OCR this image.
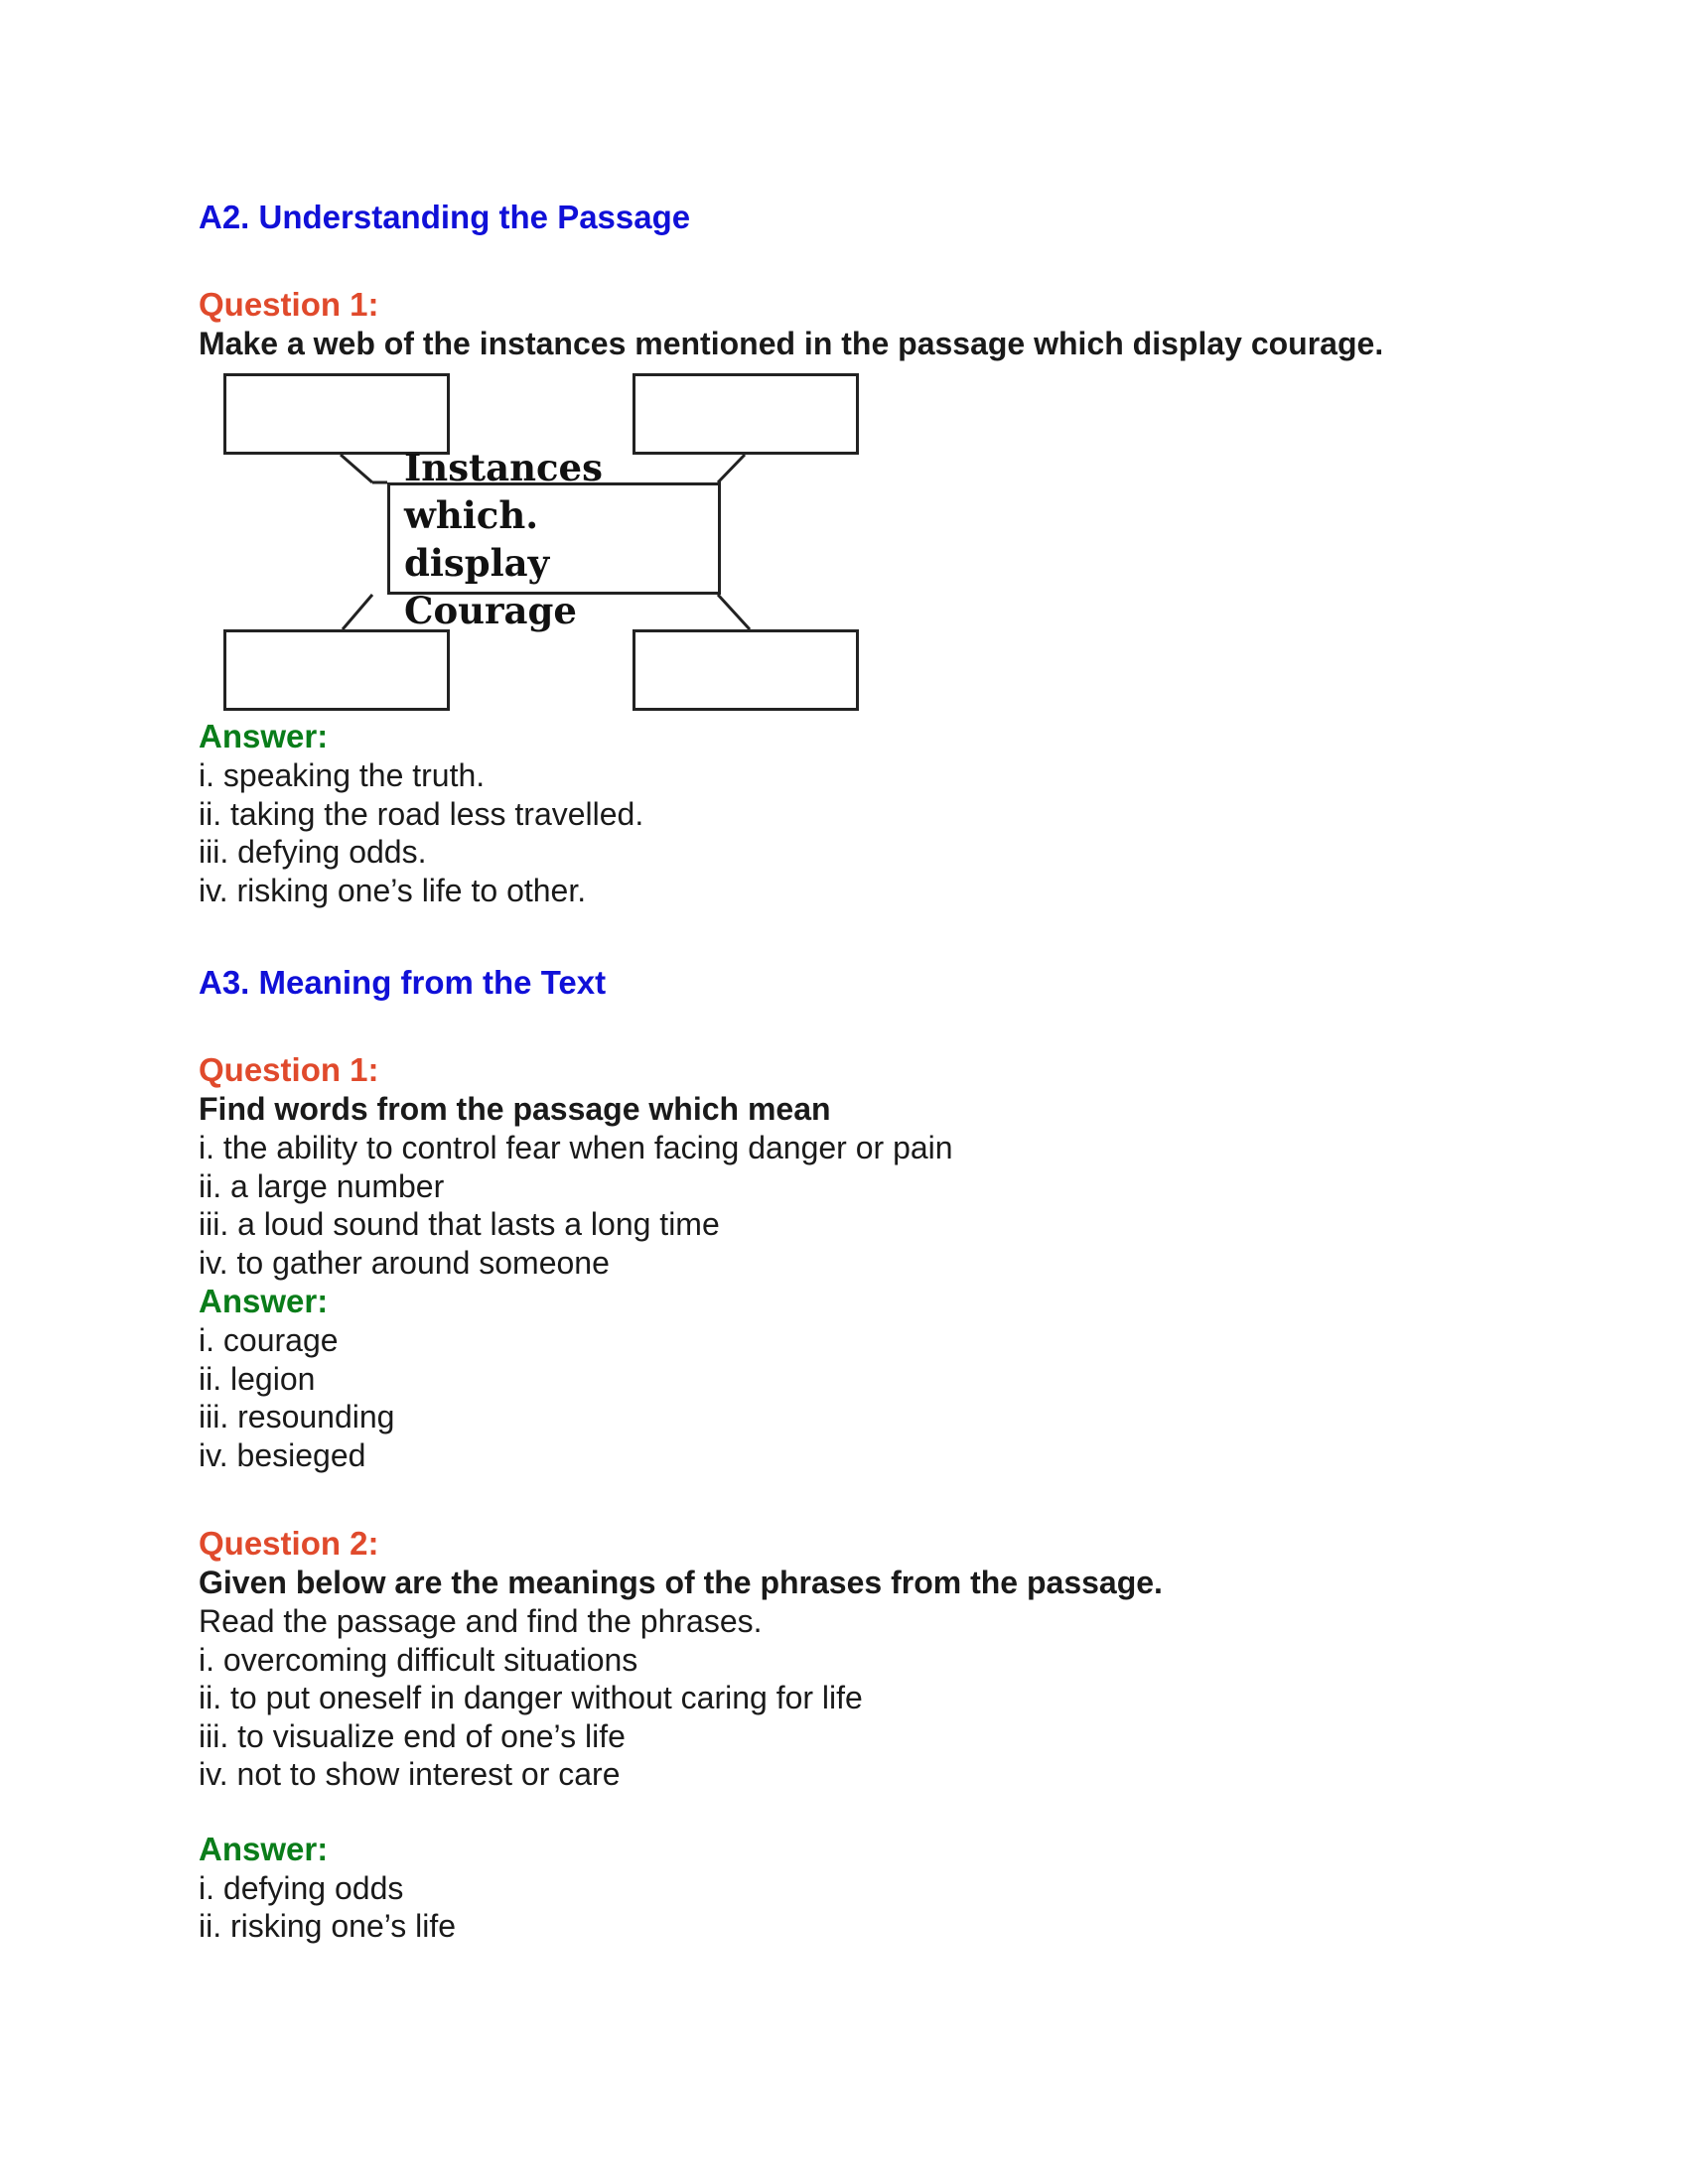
A2. Understanding the Passage

Question 1:

Make a web of the instances mentioned in the passage which display courage.

Instances which.
display Courage

Answer:

i. speaking the truth.

ii. taking the road less travelled.

iii. defying odds.

iv. risking one’s life to other.

A3. Meaning from the Text

Question 1:

Find words from the passage which mean

i. the ability to control fear when facing danger or pain

ii. a large number

iii. a loud sound that lasts a long time

iv. to gather around someone

Answer:

i. courage

ii. legion

iii. resounding

iv. besieged

Question 2:

Given below are the meanings of the phrases from the passage.

Read the passage and find the phrases.

i. overcoming difficult situations

ii. to put oneself in danger without caring for life

iii. to visualize end of one’s life

iv. not to show interest or care

Answer:

i. defying odds

ii. risking one’s life
